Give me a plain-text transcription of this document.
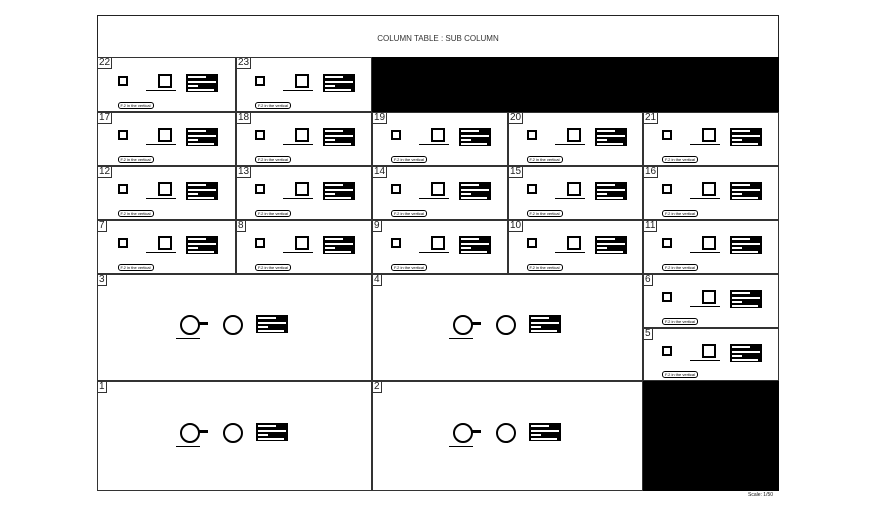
COLUMN TABLE : SUB COLUMN
22
F.2 in the vertical
23
F.2 in the vertical
17
F.2 in the vertical
18
F.2 in the vertical
19
F.2 in the vertical
20
F.2 in the vertical
21
F.2 in the vertical
12
F.2 in the vertical
13
F.2 in the vertical
14
F.2 in the vertical
15
F.2 in the vertical
16
F.2 in the vertical
7
F.2 in the vertical
8
F.2 in the vertical
9
F.2 in the vertical
10
F.2 in the vertical
11
F.2 in the vertical
6
F.2 in the vertical
5
F.2 in the vertical
3	4
1	2
Scale: 1/50
